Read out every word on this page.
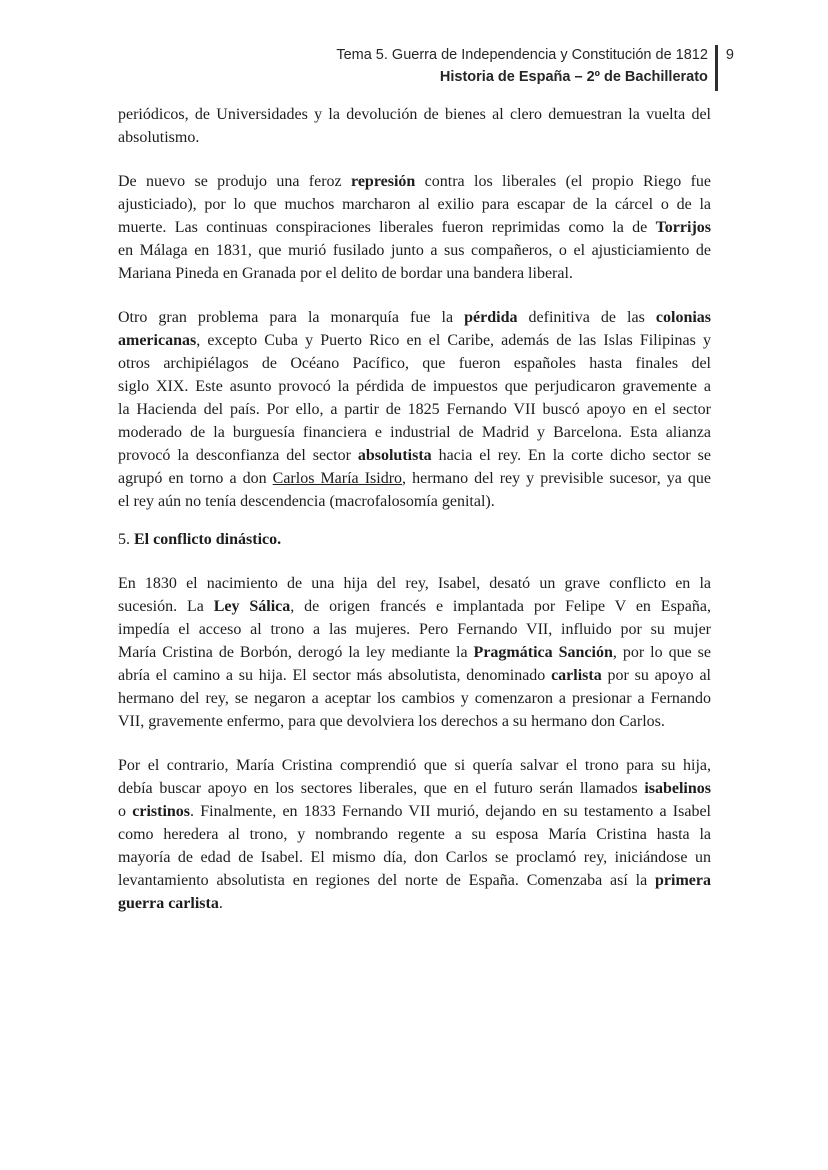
Tema 5. Guerra de Independencia y Constitución de 1812
Historia de España – 2º de Bachillerato
9
periódicos, de Universidades y la devolución de bienes al clero demuestran la vuelta del
absolutismo.
De nuevo se produjo una feroz represión contra los liberales (el propio Riego fue
ajusticiado), por lo que muchos marcharon al exilio para escapar de la cárcel o de la
muerte. Las continuas conspiraciones liberales fueron reprimidas como la de Torrijos
en Málaga en 1831, que murió fusilado junto a sus compañeros, o el ajusticiamiento de
Mariana Pineda en Granada por el delito de bordar una bandera liberal.
Otro gran problema para la monarquía fue la pérdida definitiva de las colonias
americanas, excepto Cuba y Puerto Rico en el Caribe, además de las Islas Filipinas y
otros archipiélagos de Océano Pacífico, que fueron españoles hasta finales del
siglo XIX. Este asunto provocó la pérdida de impuestos que perjudicaron gravemente a
la Hacienda del país. Por ello, a partir de 1825 Fernando VII buscó apoyo en el sector
moderado de la burguesía financiera e industrial de Madrid y Barcelona. Esta alianza
provocó la desconfianza del sector absolutista hacia el rey. En la corte dicho sector se
agrupó en torno a don Carlos María Isidro, hermano del rey y previsible sucesor, ya que
el rey aún no tenía descendencia (macrofalosomía genital).
5. El conflicto dinástico.
En 1830 el nacimiento de una hija del rey, Isabel, desató un grave conflicto en la
sucesión. La Ley Sálica, de origen francés e implantada por Felipe V en España,
impedía el acceso al trono a las mujeres. Pero Fernando VII, influido por su mujer
María Cristina de Borbón, derogó la ley mediante la Pragmática Sanción, por lo que se
abría el camino a su hija. El sector más absolutista, denominado carlista por su apoyo al
hermano del rey, se negaron a aceptar los cambios y comenzaron a presionar a Fernando
VII, gravemente enfermo, para que devolviera los derechos a su hermano don Carlos.
Por el contrario, María Cristina comprendió que si quería salvar el trono para su hija,
debía buscar apoyo en los sectores liberales, que en el futuro serán llamados isabelinos
o cristinos. Finalmente, en 1833 Fernando VII murió, dejando en su testamento a Isabel
como heredera al trono, y nombrando regente a su esposa María Cristina hasta la
mayoría de edad de Isabel. El mismo día, don Carlos se proclamó rey, iniciándose un
levantamiento absolutista en regiones del norte de España. Comenzaba así la primera
guerra carlista.
